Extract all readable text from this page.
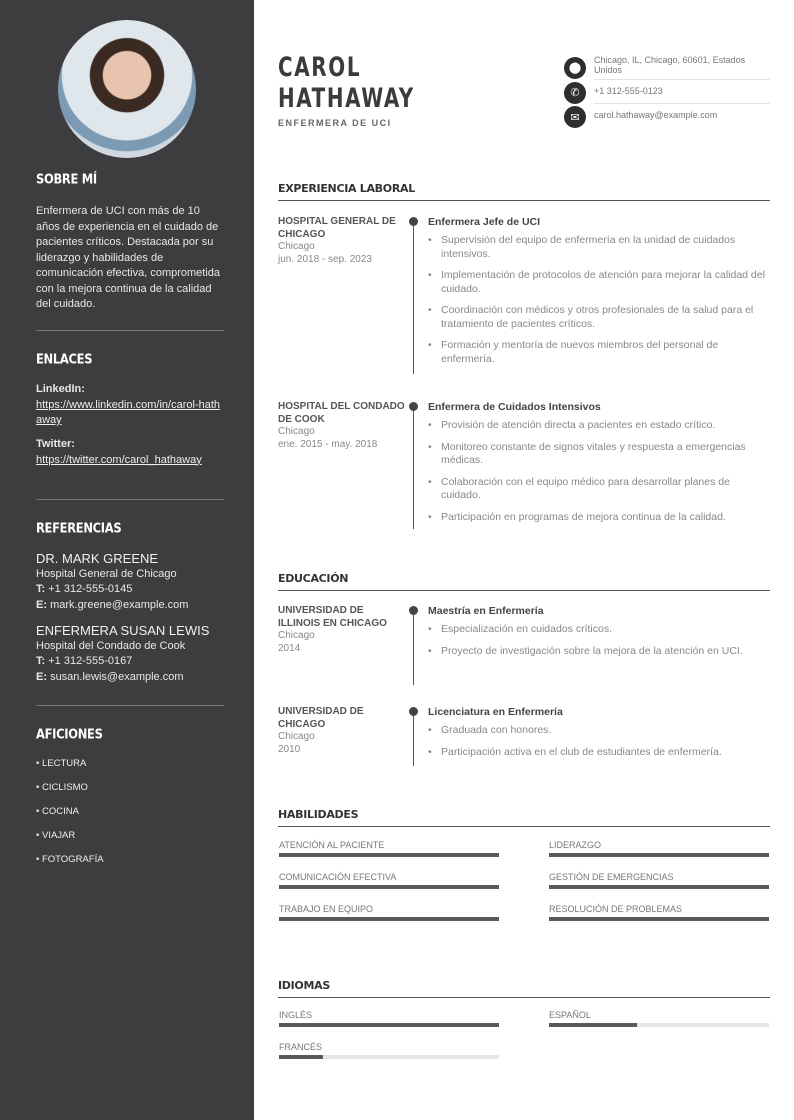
SOBRE MÍ
Enfermera de UCI con más de 10 años de experiencia en el cuidado de pacientes críticos. Destacada por su liderazgo y habilidades de comunicación efectiva, comprometida con la mejora continua de la calidad del cuidado.
ENLACES
LinkedIn:
https://www.linkedin.com/in/carol-hathaway
Twitter:
https://twitter.com/carol_hathaway
REFERENCIAS
DR. MARK GREENE
Hospital General de Chicago
T: +1 312-555-0145
E: mark.greene@example.com
ENFERMERA SUSAN LEWIS
Hospital del Condado de Cook
T: +1 312-555-0167
E: susan.lewis@example.com
AFICIONES
• LECTURA
• CICLISMO
• COCINA
• VIAJAR
• FOTOGRAFÍA
CAROL
HATHAWAY
ENFERMERA DE UCI
⬤
Chicago, IL, Chicago, 60601, Estados Unidos
✆	+1 312-555-0123
✉	carol.hathaway@example.com
EXPERIENCIA LABORAL
EDUCACIÓN
HABILIDADES
IDIOMAS
HOSPITAL GENERAL DE CHICAGO
Chicago
jun. 2018 - sep. 2023
Enfermera Jefe de UCI
• Supervisión del equipo de enfermería en la unidad de cuidados intensivos.
• Implementación de protocolos de atención para mejorar la calidad del cuidado.
• Coordinación con médicos y otros profesionales de la salud para el tratamiento de pacientes críticos.
• Formación y mentoría de nuevos miembros del personal de enfermería.
HOSPITAL DEL CONDADO DE COOK
Chicago
ene. 2015 - may. 2018
Enfermera de Cuidados Intensivos
• Provisión de atención directa a pacientes en estado crítico.
• Monitoreo constante de signos vitales y respuesta a emergencias médicas.
• Colaboración con el equipo médico para desarrollar planes de cuidado.
• Participación en programas de mejora continua de la calidad.
UNIVERSIDAD DE ILLINOIS EN CHICAGO
Chicago
2014
Maestría en Enfermería
• Especialización en cuidados críticos.
• Proyecto de investigación sobre la mejora de la atención en UCI.
UNIVERSIDAD DE CHICAGO
Chicago
2010
Licenciatura en Enfermería
• Graduada con honores.
• Participación activa en el club de estudiantes de enfermería.
ATENCIÓN AL PACIENTE	LIDERAZGO
COMUNICACIÓN EFECTIVA	GESTIÓN DE EMERGENCIAS
TRABAJO EN EQUIPO	RESOLUCIÓN DE PROBLEMAS
INGLÉS	ESPAÑOL
FRANCÉS
